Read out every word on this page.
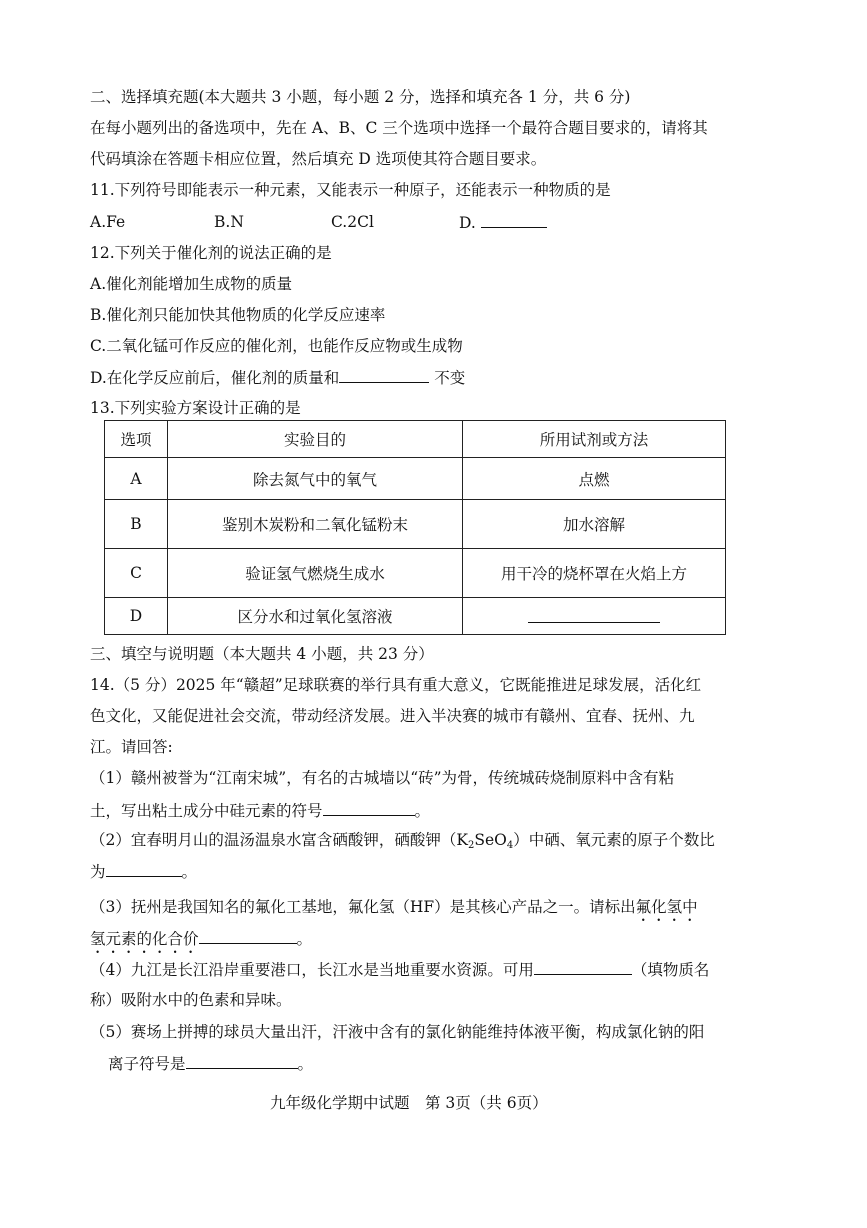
二、选择填充题(本大题共 3 小题，每小题 2 分，选择和填充各 1 分，共 6 分)
在每小题列出的备选项中，先在 A、B、C 三个选项中选择一个最符合题目要求的，请将其
代码填涂在答题卡相应位置，然后填充 D 选项使其符合题目要求。
11.下列符号即能表示一种元素，又能表示一种原子，还能表示一种物质的是
A.Fe	B.N	C.2Cl	D.
12.下列关于催化剂的说法正确的是
A.催化剂能增加生成物的质量
B.催化剂只能加快其他物质的化学反应速率
C.二氧化锰可作反应的催化剂，也能作反应物或生成物
D.在化学反应前后，催化剂的质量和	不变
13.下列实验方案设计正确的是
选项	实验目的	所用试剂或方法
A	除去氮气中的氧气	点燃
B	鉴别木炭粉和二氧化锰粉末	加水溶解
C	验证氢气燃烧生成水	用干冷的烧杯罩在火焰上方
D	区分水和过氧化氢溶液	
三、填空与说明题（本大题共 4 小题，共 23 分）
14.（5 分）2025 年“赣超”足球联赛的举行具有重大意义，它既能推进足球发展，活化红
色文化，又能促进社会交流，带动经济发展。进入半决赛的城市有赣州、宜春、抚州、九
江。请回答:
（1）赣州被誉为“江南宋城”，有名的古城墙以“砖”为骨，传统城砖烧制原料中含有粘
土，写出粘土成分中硅元素的符号	。
（2）宜春明月山的温汤温泉水富含硒酸钾，硒酸钾（K2SeO4）中硒、氧元素的原子个数比
为	。
（3）抚州是我国知名的氟化工基地，氟化氢（HF）是其核心产品之一。请标出氟化氢中
氢元素的化合价	。
（4）九江是长江沿岸重要港口，长江水是当地重要水资源。可用	（填物质名
称）吸附水中的色素和异味。
（5）赛场上拼搏的球员大量出汗，汗液中含有的氯化钠能维持体液平衡，构成氯化钠的阳
离子符号是	。
九年级化学期中试题　第 3页（共 6页）
